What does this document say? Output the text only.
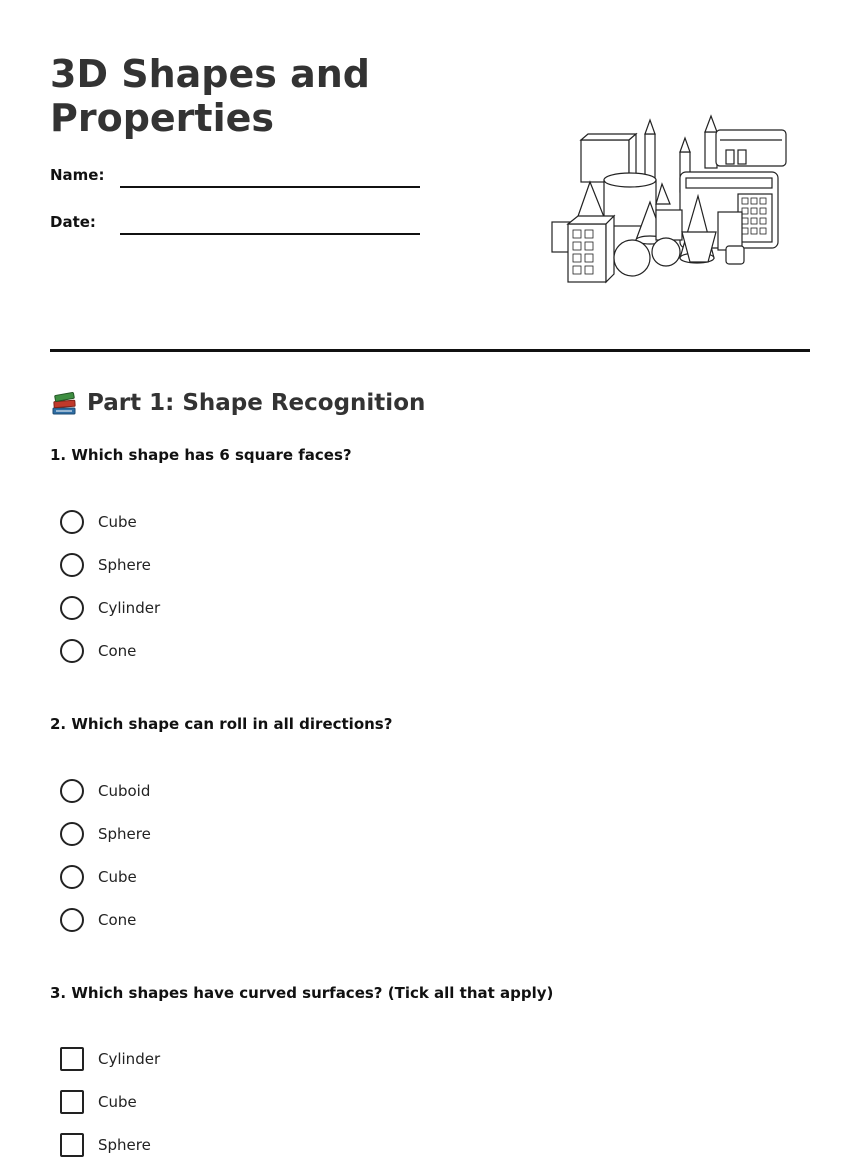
3D Shapes and Properties
Name:
Date:
Part 1: Shape Recognition

1. Which shape has 6 square faces?

Cube
Sphere
Cylinder
Cone

2. Which shape can roll in all directions?

Cuboid
Sphere
Cube
Cone

3. Which shapes have curved surfaces? (Tick all that apply)

Cylinder
Cube
Sphere
